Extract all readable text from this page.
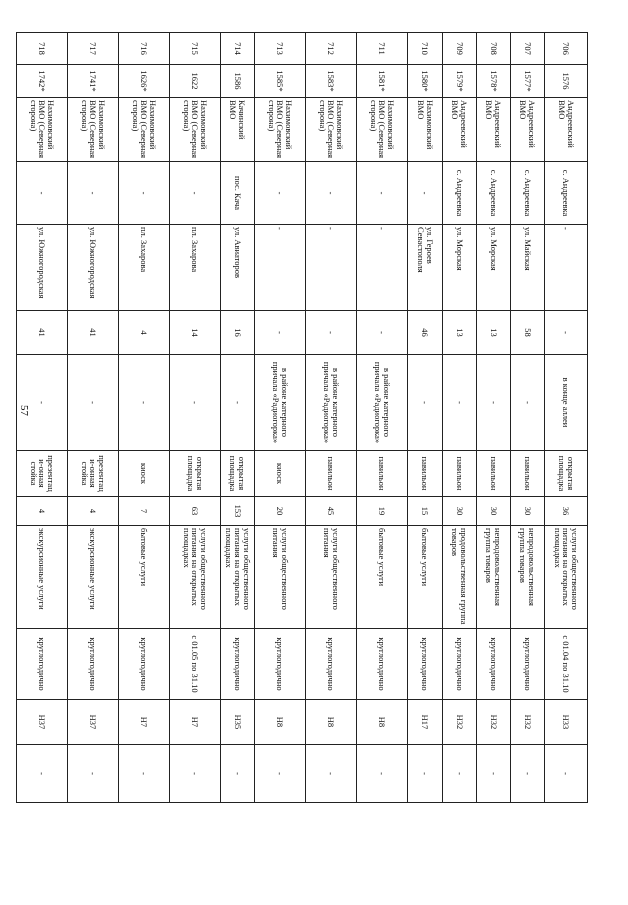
57
706	1576	Андреевский ВМО	с. Андреевка	-	-	в конце аллеи	открытая площадка	36	услуги общественного питания на открытых площадках	с 01.04 по 31.10	Н33	-
707	1577*	Андреевский ВМО	с. Андреевка	ул. Майская	58	-	павильон	30	непродовольственная группа товаров	круглогодично	Н32	-
708	1578*	Андреевский ВМО	с. Андреевка	ул. Морская	13	-	павильон	30	непродовольственная группа товаров	круглогодично	Н32	-
709	1579*	Андреевский ВМО	с. Андреевка	ул. Морская	13	-	павильон	30	продовольственная группа товаров	круглогодично	Н32	-
710	1580*	Нахимовский ВМО	-	ул. Героев Севастополя	46	-	павильон	15	бытовые услуги	круглогодично	Н17	-
711	1581*	Нахимовский ВМО (Северная сторона)	-	-	-	в районе катерного причала «Радиогорка»	павильон	19	бытовые услуги	круглогодично	Н8	-
712	1583*	Нахимовский ВМО (Северная сторона)	-	-	-	в районе катерного причала «Радиогорка»	павильон	45	услуги общественного питания	круглогодично	Н8	-
713	1585*	Нахимовский ВМО (Северная сторона)	-	-	-	в районе катерного причала «Радиогорка»	киоск	20	услуги общественного питания	круглогодично	Н8	-
714	1586	Качинский ВМО	пос. Кача	ул. Авиаторов	16	-	открытая площадка	153	услуги общественного питания на открытых площадках	круглогодично	Н35	-
715	1622	Нахимовский ВМО (Северная сторона)	-	пл. Захарова	14	-	открытая площадка	63	услуги общественного питания на открытых площадках	с 01.05 по 31.10	Н7	-
716	1626*	Нахимовский ВМО (Северная сторона)	-	пл. Захарова	4	-	киоск	7	бытовые услуги	круглогодично	Н7	-
717	1741*	Нахимовский ВМО (Северная сторона)	-	ул. Южногородская	41	-	презентаци-онная стойка	4	экскурсионные услуги	круглогодично	Н37	-
718	1742*	Нахимовский ВМО (Северная сторона)	-	ул. Южногородская	41	-	презентаци-онная стойка	4	экскурсионные услуги	круглогодично	Н37	-
